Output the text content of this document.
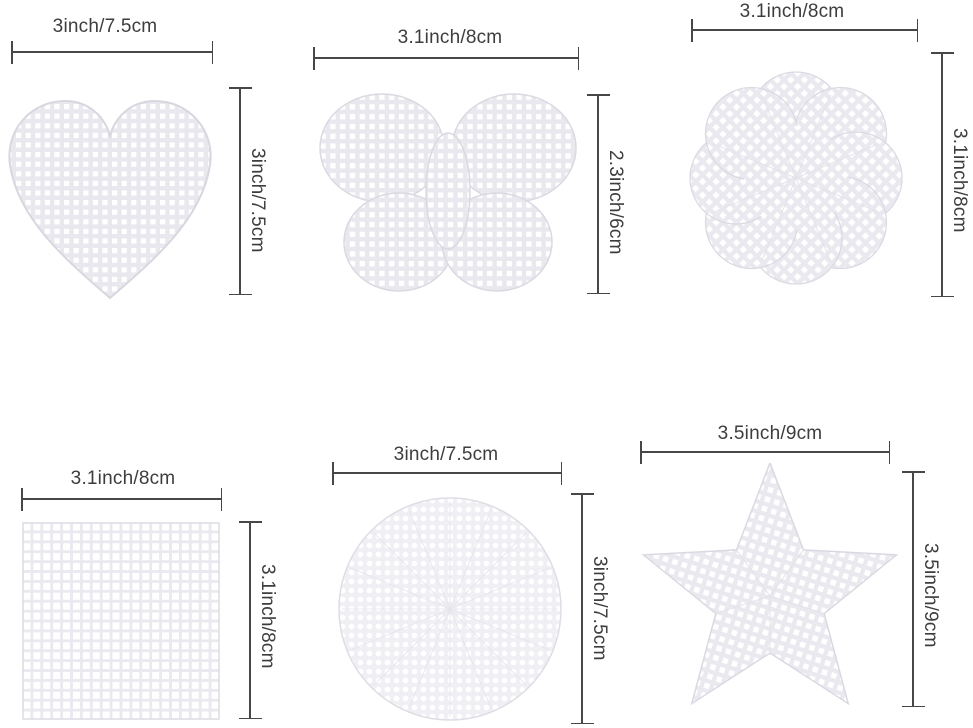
3inch/7.5cm
3inch/7.5cm
3.1inch/8cm
2.3inch/6cm
3.1inch/8cm
3.1inch/8cm
3.1inch/8cm
3.1inch/8cm
3inch/7.5cm
3inch/7.5cm
3.5inch/9cm
3.5inch/9cm
